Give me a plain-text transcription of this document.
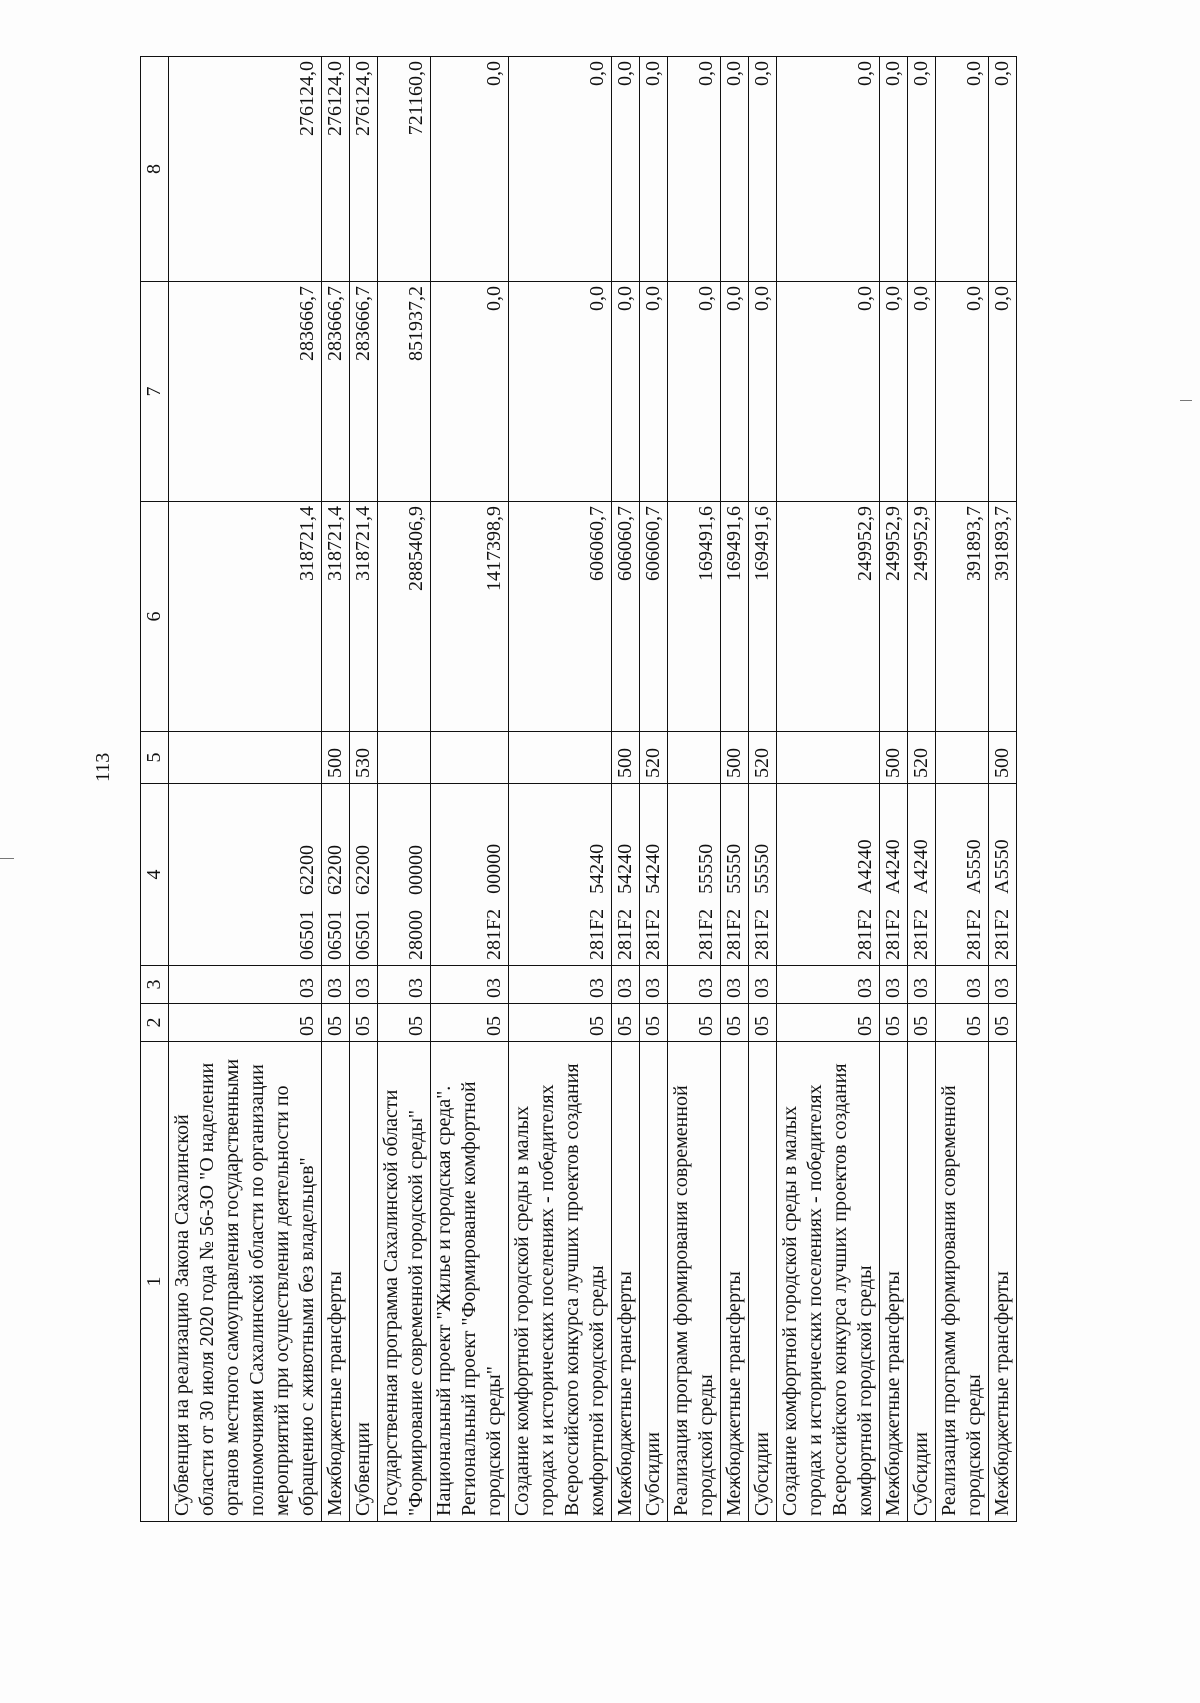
113
1	2	3	4	5	6	7	8
Субвенция на реализацию Закона Сахалинской области от 30 июля 2020 года № 56-ЗО "О наделении органов местного самоуправления государственными полномочиями Сахалинской области по организации мероприятий при осуществлении деятельности по обращению с животными без владельцев"	05	03	06501   62200		318721,4	283666,7	276124,0
Межбюджетные трансферты	05	03	06501   62200	500	318721,4	283666,7	276124,0
Субвенции	05	03	06501   62200	530	318721,4	283666,7	276124,0
Государственная программа Сахалинской области "Формирование современной городской среды"	05	03	28000   00000		2885406,9	851937,2	721160,0
Национальный проект "Жилье и городская среда". Региональный проект "Формирование комфортной городской среды"	05	03	281F2   00000		1417398,9	0,0	0,0
Создание комфортной городской среды в малых городах и исторических поселениях - победителях Всероссийского конкурса лучших проектов создания комфортной городской среды	05	03	281F2   54240		606060,7	0,0	0,0
Межбюджетные трансферты	05	03	281F2   54240	500	606060,7	0,0	0,0
Субсидии	05	03	281F2   54240	520	606060,7	0,0	0,0
Реализация программ формирования современной городской среды	05	03	281F2   55550		169491,6	0,0	0,0
Межбюджетные трансферты	05	03	281F2   55550	500	169491,6	0,0	0,0
Субсидии	05	03	281F2   55550	520	169491,6	0,0	0,0
Создание комфортной городской среды в малых городах и исторических поселениях - победителях Всероссийского конкурса лучших проектов создания комфортной городской среды	05	03	281F2   А4240		249952,9	0,0	0,0
Межбюджетные трансферты	05	03	281F2   А4240	500	249952,9	0,0	0,0
Субсидии	05	03	281F2   А4240	520	249952,9	0,0	0,0
Реализация программ формирования современной городской среды	05	03	281F2   А5550		391893,7	0,0	0,0
Межбюджетные трансферты	05	03	281F2   А5550	500	391893,7	0,0	0,0
